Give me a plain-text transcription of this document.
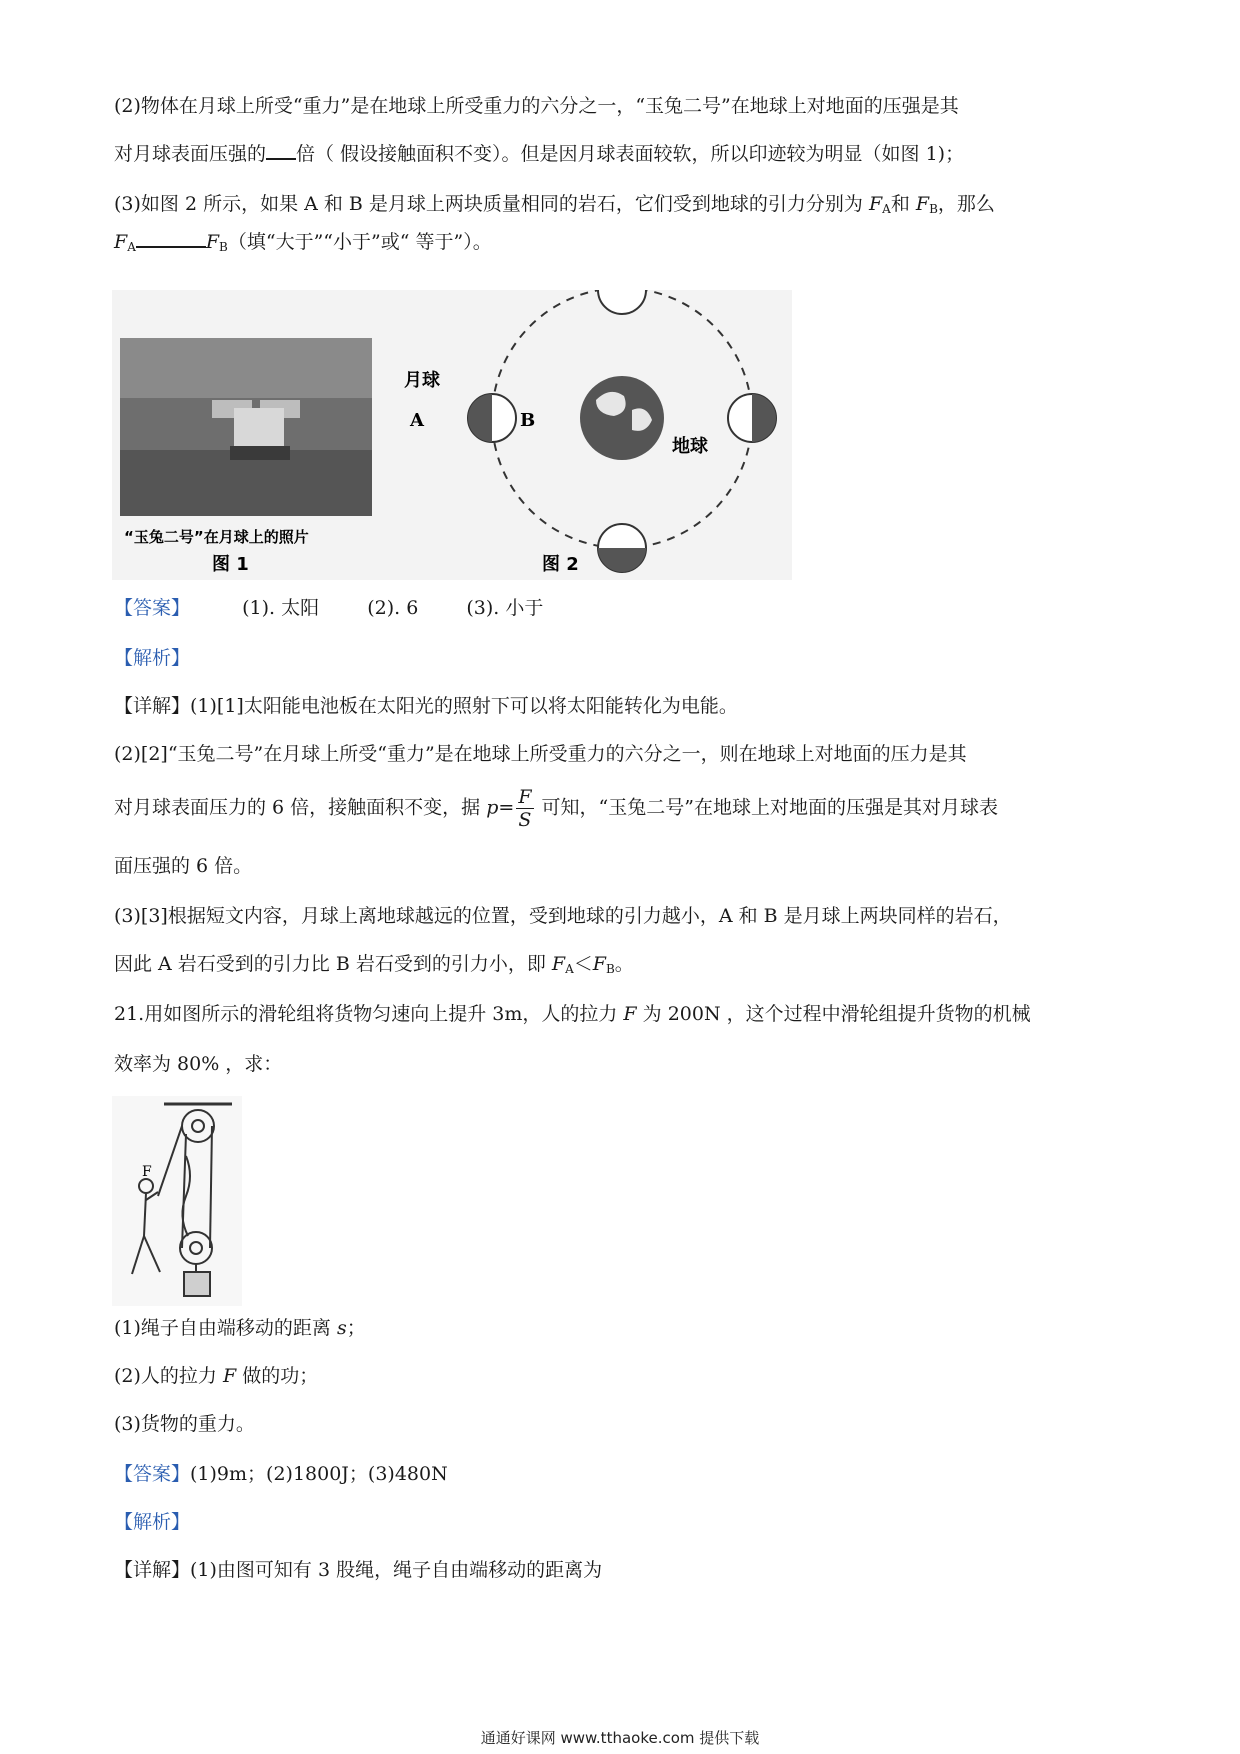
(2)物体在月球上所受“重力”是在地球上所受重力的六分之一，“玉兔二号”在地球上对地面的压强是其
对月球表面压强的 倍（ 假设接触面积不变）。但是因月球表面较软，所以印迹较为明显（如图 1)；
(3)如图 2 所示，如果 A 和 B 是月球上两块质量相同的岩石，它们受到地球的引力分别为 $F_A$和 $F_B$，那么
$F_A$	$F_B$（填“大于”“小于”或“ 等于”）。
“玉兔二号”在月球上的照片
图 1
月球
A	B
地球
图 2
【答案】	(1). 太阳	(2). 6	(3). 小于
【解析】
【详解】(1)[1]太阳能电池板在太阳光的照射下可以将太阳能转化为电能。
(2)[2]“玉兔二号”在月球上所受“重力”是在地球上所受重力的六分之一，则在地球上对地面的压力是其
对月球表面压力的 6 倍，接触面积不变，据 $p= \frac{F}{S}$ 可知，“玉兔二号”在地球上对地面的压强是其对月球表
面压强的 6 倍。
(3)[3]根据短文内容，月球上离地球越远的位置，受到地球的引力越小，A 和 B 是月球上两块同样的岩石，
因此 A 岩石受到的引力比 B 岩石受到的引力小，即 $F_A<F_B$。
21.用如图所示的滑轮组将货物匀速向上提升 3m，人的拉力 F 为 200N ，这个过程中滑轮组提升货物的机械
效率为 80% ，求：
F
(1)绳子自由端移动的距离 s；
(2)人的拉力 F 做的功；
(3)货物的重力。
【答案】(1)9m；(2)1800J；(3)480N
【解析】
【详解】(1)由图可知有 3 股绳，绳子自由端移动的距离为
通通好课网 www.tthaoke.com 提供下载
